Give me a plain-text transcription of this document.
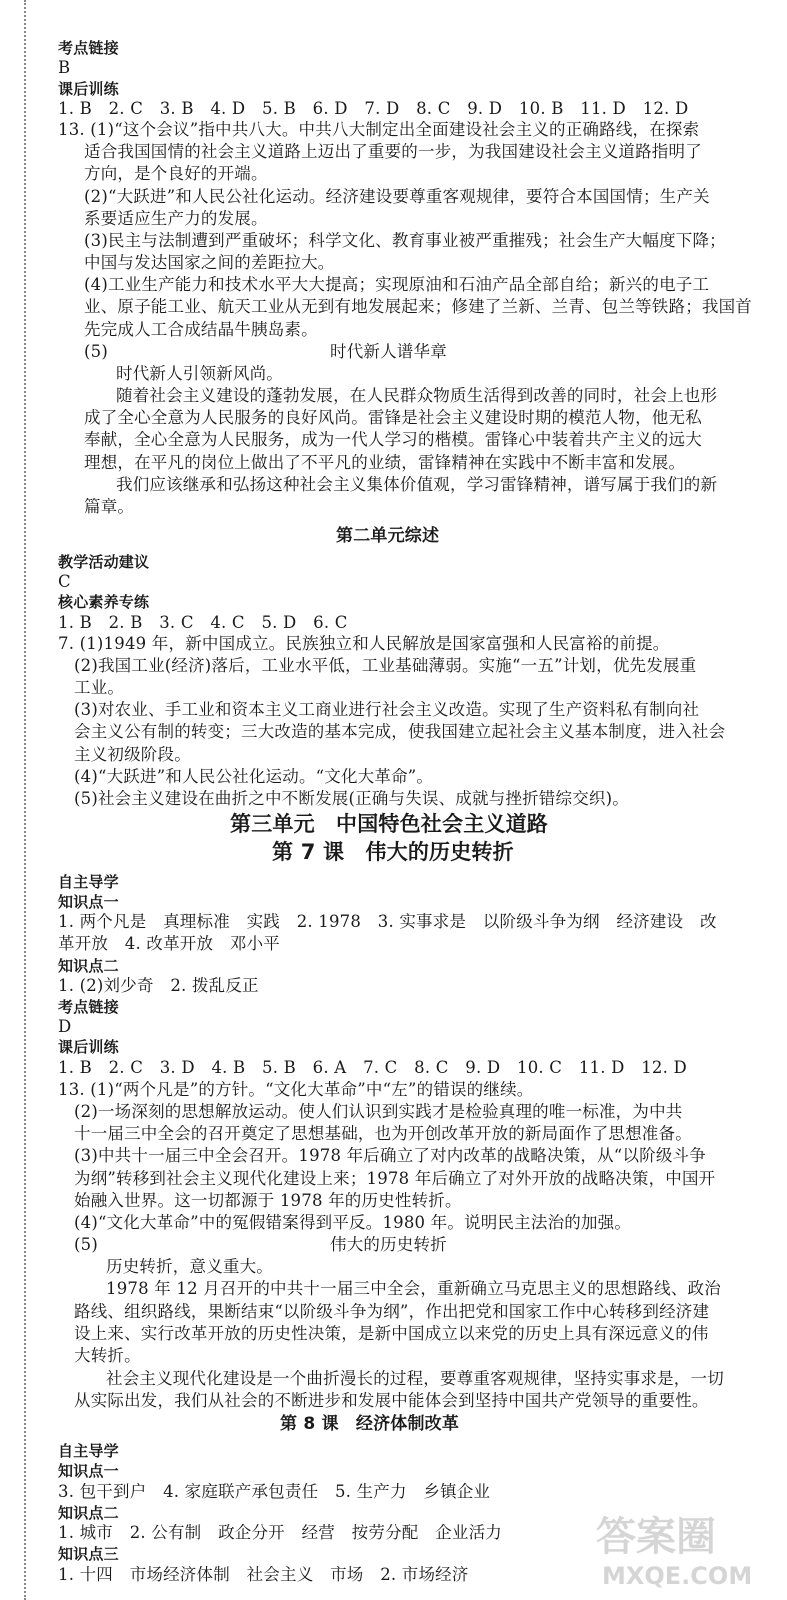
考点链接
B
课后训练
1. B　2. C　3. B　4. D　5. B　6. D　7. D　8. C　9. D　10. B　11. D　12. D
13. (1)“这个会议”指中共八大。中共八大制定出全面建设社会主义的正确路线，在探索
适合我国国情的社会主义道路上迈出了重要的一步，为我国建设社会主义道路指明了
方向，是个良好的开端。
(2)“大跃进”和人民公社化运动。经济建设要尊重客观规律，要符合本国国情；生产关
系要适应生产力的发展。
(3)民主与法制遭到严重破坏；科学文化、教育事业被严重摧残；社会生产大幅度下降；
中国与发达国家之间的差距拉大。
(4)工业生产能力和技术水平大大提高；实现原油和石油产品全部自给；新兴的电子工
业、原子能工业、航天工业从无到有地发展起来；修建了兰新、兰青、包兰等铁路；我国首
先完成人工合成结晶牛胰岛素。
(5)	时代新人谱华章
时代新人引领新风尚。
随着社会主义建设的蓬勃发展，在人民群众物质生活得到改善的同时，社会上也形
成了全心全意为人民服务的良好风尚。雷锋是社会主义建设时期的模范人物，他无私
奉献，全心全意为人民服务，成为一代人学习的楷模。雷锋心中装着共产主义的远大
理想，在平凡的岗位上做出了不平凡的业绩，雷锋精神在实践中不断丰富和发展。
我们应该继承和弘扬这种社会主义集体价值观，学习雷锋精神，谱写属于我们的新
篇章。
第二单元综述
教学活动建议
C
核心素养专练
1. B　2. B　3. C　4. C　5. D　6. C
7. (1)1949 年，新中国成立。民族独立和人民解放是国家富强和人民富裕的前提。
(2)我国工业(经济)落后，工业水平低，工业基础薄弱。实施“一五”计划，优先发展重
工业。
(3)对农业、手工业和资本主义工商业进行社会主义改造。实现了生产资料私有制向社
会主义公有制的转变；三大改造的基本完成，使我国建立起社会主义基本制度，进入社会
主义初级阶段。
(4)“大跃进”和人民公社化运动。“文化大革命”。
(5)社会主义建设在曲折之中不断发展(正确与失误、成就与挫折错综交织)。
第三单元　中国特色社会主义道路
第 7 课　伟大的历史转折
自主导学
知识点一
1. 两个凡是　真理标准　实践　2. 1978　3. 实事求是　以阶级斗争为纲　经济建设　改
革开放　4. 改革开放　邓小平
知识点二
1. (2)刘少奇　2. 拨乱反正
考点链接
D
课后训练
1. B　2. C　3. D　4. B　5. B　6. A　7. C　8. C　9. D　10. C　11. D　12. D
13. (1)“两个凡是”的方针。“文化大革命”中“左”的错误的继续。
(2)一场深刻的思想解放运动。使人们认识到实践才是检验真理的唯一标准，为中共
十一届三中全会的召开奠定了思想基础，也为开创改革开放的新局面作了思想准备。
(3)中共十一届三中全会召开。1978 年后确立了对内改革的战略决策，从“以阶级斗争
为纲”转移到社会主义现代化建设上来；1978 年后确立了对外开放的战略决策，中国开
始融入世界。这一切都源于 1978 年的历史性转折。
(4)“文化大革命”中的冤假错案得到平反。1980 年。说明民主法治的加强。
(5)	伟大的历史转折
历史转折，意义重大。
1978 年 12 月召开的中共十一届三中全会，重新确立马克思主义的思想路线、政治
路线、组织路线，果断结束“以阶级斗争为纲”，作出把党和国家工作中心转移到经济建
设上来、实行改革开放的历史性决策，是新中国成立以来党的历史上具有深远意义的伟
大转折。
社会主义现代化建设是一个曲折漫长的过程，要尊重客观规律，坚持实事求是，一切
从实际出发，我们从社会的不断进步和发展中能体会到坚持中国共产党领导的重要性。
第 8 课　经济体制改革
自主导学
知识点一
3. 包干到户　4. 家庭联产承包责任　5. 生产力　乡镇企业
知识点二
1. 城市　2. 公有制　政企分开　经营　按劳分配　企业活力
知识点三
1. 十四　市场经济体制　社会主义　市场　2. 市场经济
答案圈
MXQE.COM
